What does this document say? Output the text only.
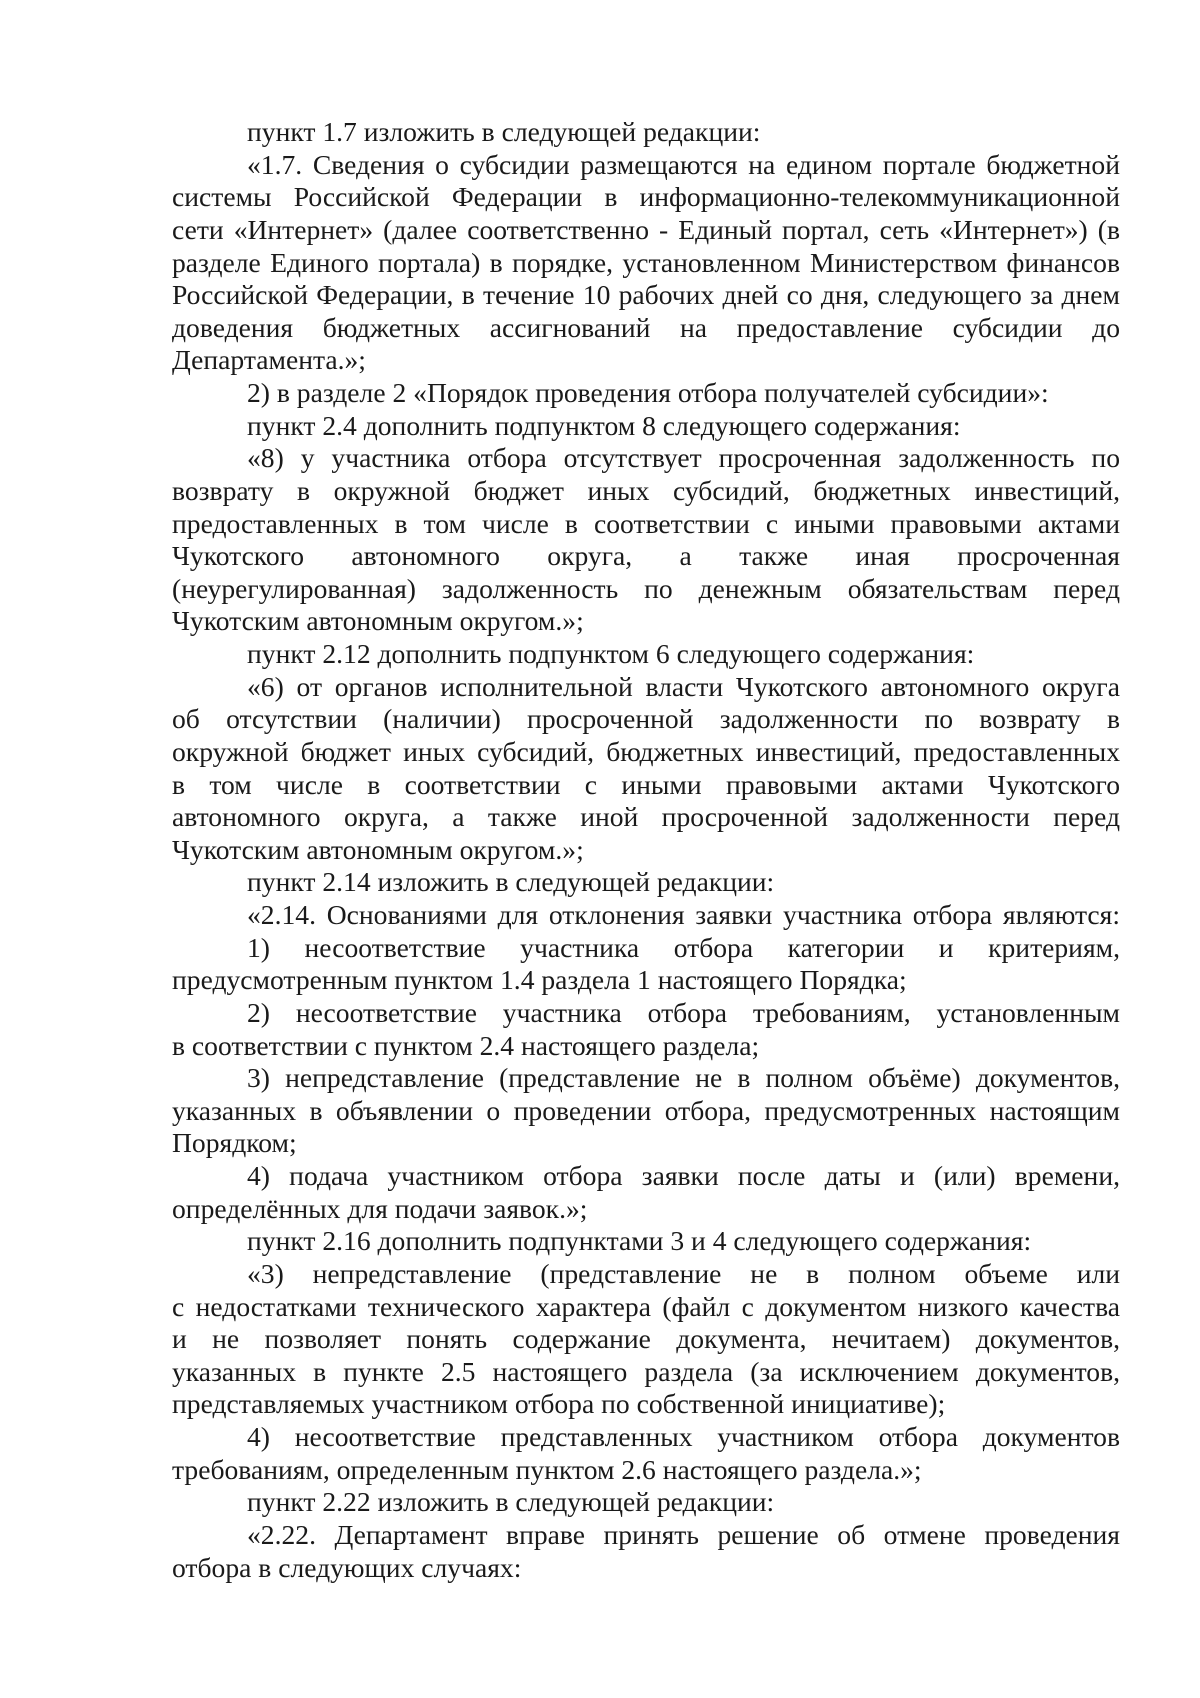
пункт 1.7 изложить в следующей редакции:
«1.7. Сведения о субсидии размещаются на едином портале бюджетной
системы Российской Федерации в информационно-телекоммуникационной
сети «Интернет» (далее соответственно - Единый портал, сеть «Интернет») (в
разделе Единого портала) в порядке, установленном Министерством финансов
Российской Федерации, в течение 10 рабочих дней со дня, следующего за днем
доведения бюджетных ассигнований на предоставление субсидии до
Департамента.»;
2) в разделе 2 «Порядок проведения отбора получателей субсидии»:
пункт 2.4 дополнить подпунктом 8 следующего содержания:
«8) у участника отбора отсутствует просроченная задолженность по
возврату в окружной бюджет иных субсидий, бюджетных инвестиций,
предоставленных в том числе в соответствии с иными правовыми актами
Чукотского автономного округа, а также иная просроченная
(неурегулированная) задолженность по денежным обязательствам перед
Чукотским автономным округом.»;
пункт 2.12 дополнить подпунктом 6 следующего содержания:
«6) от органов исполнительной власти Чукотского автономного округа
об отсутствии (наличии) просроченной задолженности по возврату в
окружной бюджет иных субсидий, бюджетных инвестиций, предоставленных
в том числе в соответствии с иными правовыми актами Чукотского
автономного округа, а также иной просроченной задолженности перед
Чукотским автономным округом.»;
пункт 2.14 изложить в следующей редакции:
«2.14. Основаниями для отклонения заявки участника отбора являются:
1) несоответствие участника отбора категории и критериям,
предусмотренным пунктом 1.4 раздела 1 настоящего Порядка;
2) несоответствие участника отбора требованиям, установленным
в соответствии с пунктом 2.4 настоящего раздела;
3) непредставление (представление не в полном объёме) документов,
указанных в объявлении о проведении отбора, предусмотренных настоящим
Порядком;
4) подача участником отбора заявки после даты и (или) времени,
определённых для подачи заявок.»;
пункт 2.16 дополнить подпунктами 3 и 4 следующего содержания:
«3) непредставление (представление не в полном объеме или
с недостатками технического характера (файл с документом низкого качества
и не позволяет понять содержание документа, нечитаем) документов,
указанных в пункте 2.5 настоящего раздела (за исключением документов,
представляемых участником отбора по собственной инициативе);
4) несоответствие представленных участником отбора документов
требованиям, определенным пунктом 2.6 настоящего раздела.»;
пункт 2.22 изложить в следующей редакции:
«2.22. Департамент вправе принять решение об отмене проведения
отбора в следующих случаях:
